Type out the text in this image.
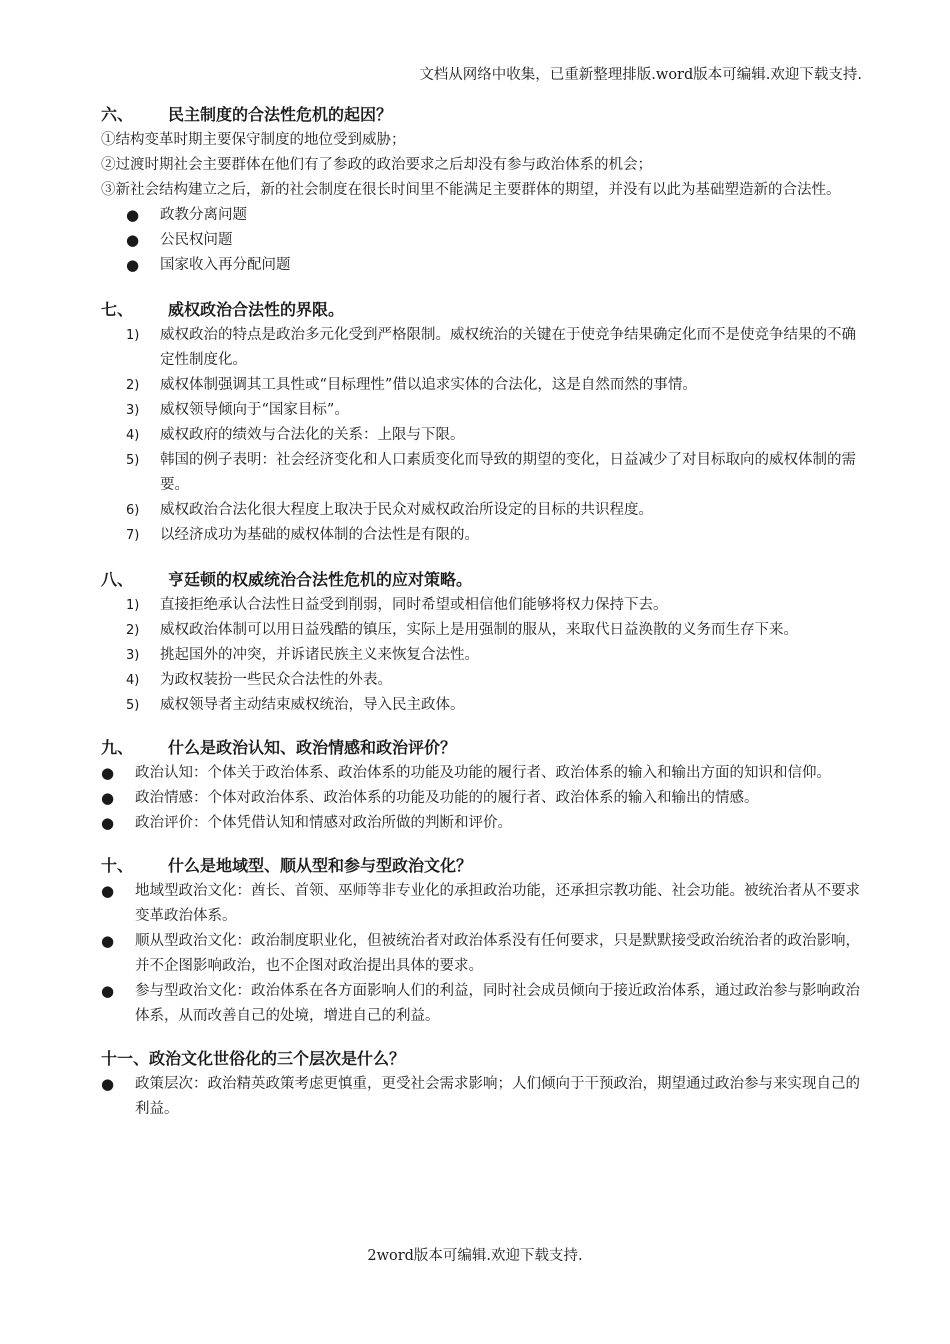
文档从网络中收集，已重新整理排版.word版本可编辑.欢迎下载支持.
六、	民主制度的合法性危机的起因？
①结构变革时期主要保守制度的地位受到威胁；
②过渡时期社会主要群体在他们有了参政的政治要求之后却没有参与政治体系的机会；
③新社会结构建立之后，新的社会制度在很长时间里不能满足主要群体的期望，并没有以此为基础塑造新的合法性。
●	政教分离问题
●	公民权问题
●	国家收入再分配问题
七、	威权政治合法性的界限。
1)	威权政治的特点是政治多元化受到严格限制。威权统治的关键在于使竞争结果确定化而不是使竞争结果的不确定性制度化。
2)	威权体制强调其工具性或“目标理性”借以追求实体的合法化，这是自然而然的事情。
3)	威权领导倾向于“国家目标”。
4)	威权政府的绩效与合法化的关系：上限与下限。
5)	韩国的例子表明：社会经济变化和人口素质变化而导致的期望的变化，日益减少了对目标取向的威权体制的需要。
6)	威权政治合法化很大程度上取决于民众对威权政治所设定的目标的共识程度。
7)	以经济成功为基础的威权体制的合法性是有限的。
八、	亨廷顿的权威统治合法性危机的应对策略。
1)	直接拒绝承认合法性日益受到削弱，同时希望或相信他们能够将权力保持下去。
2)	威权政治体制可以用日益残酷的镇压，实际上是用强制的服从，来取代日益涣散的义务而生存下来。
3)	挑起国外的冲突，并诉诸民族主义来恢复合法性。
4)	为政权装扮一些民众合法性的外表。
5)	威权领导者主动结束威权统治，导入民主政体。
九、	什么是政治认知、政治情感和政治评价？
●	政治认知：个体关于政治体系、政治体系的功能及功能的履行者、政治体系的输入和输出方面的知识和信仰。
●	政治情感：个体对政治体系、政治体系的功能及功能的的履行者、政治体系的输入和输出的情感。
●	政治评价：个体凭借认知和情感对政治所做的判断和评价。
十、	什么是地域型、顺从型和参与型政治文化？
●	地域型政治文化：酋长、首领、巫师等非专业化的承担政治功能，还承担宗教功能、社会功能。被统治者从不要求变革政治体系。
●	顺从型政治文化：政治制度职业化，但被统治者对政治体系没有任何要求，只是默默接受政治统治者的政治影响，并不企图影响政治，也不企图对政治提出具体的要求。
●	参与型政治文化：政治体系在各方面影响人们的利益，同时社会成员倾向于接近政治体系，通过政治参与影响政治体系，从而改善自己的处境，增进自己的利益。
十一、 政治文化世俗化的三个层次是什么？
●	政策层次：政治精英政策考虑更慎重，更受社会需求影响；人们倾向于干预政治，期望通过政治参与来实现自己的利益。
2word版本可编辑.欢迎下载支持.
